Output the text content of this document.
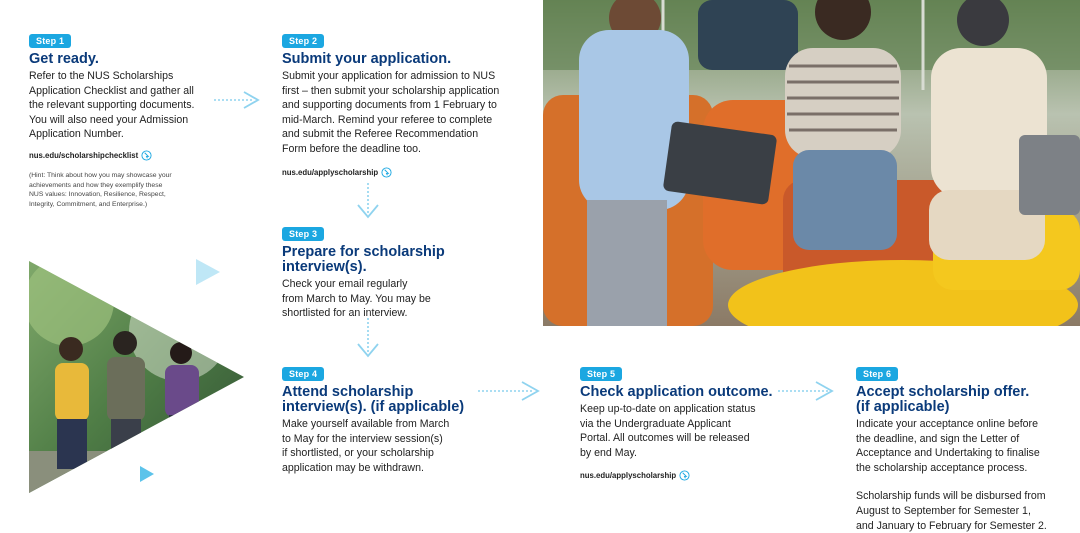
Step 1
Get ready.
Refer to the NUS Scholarships
Application Checklist and gather all
the relevant supporting documents.
You will also need your Admission
Application Number.
nus.edu/scholarshipchecklist
(Hint: Think about how you may showcase your
achievements and how they exemplify these
NUS values: Innovation, Resilience, Respect,
Integrity, Commitment, and Enterprise.)
Step 2
Submit your application.
Submit your application for admission to NUS
first – then submit your scholarship application
and supporting documents from 1 February to
mid-March. Remind your referee to complete
and submit the Referee Recommendation
Form before the deadline too.
nus.edu/applyscholarship
Step 3
Prepare for scholarship
interview(s).
Check your email regularly
from March to May. You may be
shortlisted for an interview.
Step 4
Attend scholarship
interview(s). (if applicable)
Make yourself available from March
to May for the interview session(s)
if shortlisted, or your scholarship
application may be withdrawn.
Step 5
Check application outcome.
Keep up-to-date on application status
via the Undergraduate Applicant
Portal. All outcomes will be released
by end May.
nus.edu/applyscholarship
Step 6
Accept scholarship offer.
(if applicable)
Indicate your acceptance online before
the deadline, and sign the Letter of
Acceptance and Undertaking to finalise
the scholarship acceptance process.
Scholarship funds will be disbursed from
August to September for Semester 1,
and January to February for Semester 2.
